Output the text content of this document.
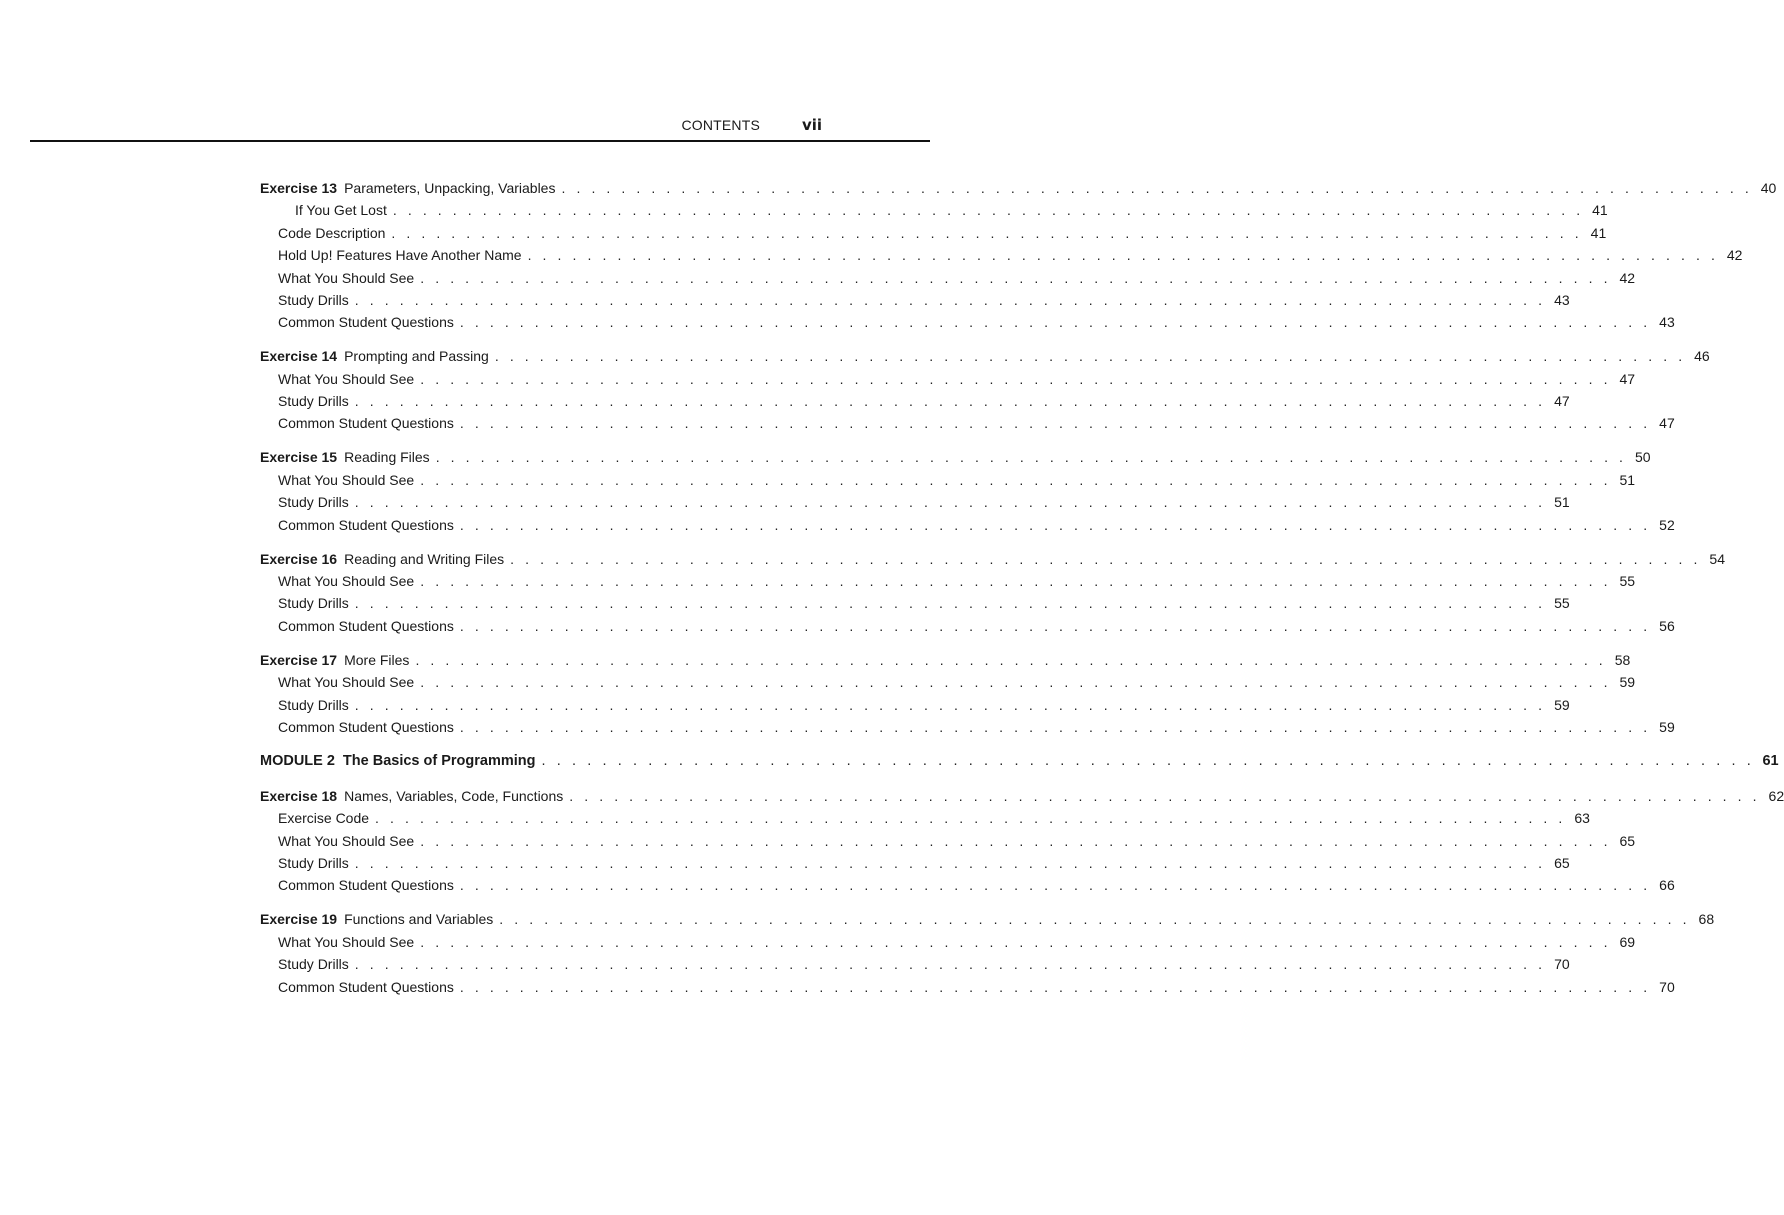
CONTENTS	vii
Exercise 13 Parameters, Unpacking, Variables . . . . . . . . . . . . . . . . . . . . . . . . . . . . . . . . . . . . . . . . . . . . . . . . . . . . . . . . . . . . . . . . . . . . . . . . . . . . . . . . 40
If You Get Lost . . . . . . . . . . . . . . . . . . . . . . . . . . . . . . . . . . . . . . . . . . . . . . . . . . . . . . . . . . . . . . . . . . . . . . . . . . . . . . . . 41
Code Description . . . . . . . . . . . . . . . . . . . . . . . . . . . . . . . . . . . . . . . . . . . . . . . . . . . . . . . . . . . . . . . . . . . . . . . . . . . . . . . . 41
Hold Up! Features Have Another Name . . . . . . . . . . . . . . . . . . . . . . . . . . . . . . . . . . . . . . . . . . . . . . . . . . . . . . . . . . . . . . . . . . . . . . . . . . . . . . . . 42
What You Should See . . . . . . . . . . . . . . . . . . . . . . . . . . . . . . . . . . . . . . . . . . . . . . . . . . . . . . . . . . . . . . . . . . . . . . . . . . . . . . . . 42
Study Drills . . . . . . . . . . . . . . . . . . . . . . . . . . . . . . . . . . . . . . . . . . . . . . . . . . . . . . . . . . . . . . . . . . . . . . . . . . . . . . . . 43
Common Student Questions . . . . . . . . . . . . . . . . . . . . . . . . . . . . . . . . . . . . . . . . . . . . . . . . . . . . . . . . . . . . . . . . . . . . . . . . . . . . . . . . 43
Exercise 14 Prompting and Passing . . . . . . . . . . . . . . . . . . . . . . . . . . . . . . . . . . . . . . . . . . . . . . . . . . . . . . . . . . . . . . . . . . . . . . . . . . . . . . . . 46
What You Should See . . . . . . . . . . . . . . . . . . . . . . . . . . . . . . . . . . . . . . . . . . . . . . . . . . . . . . . . . . . . . . . . . . . . . . . . . . . . . . . . 47
Study Drills . . . . . . . . . . . . . . . . . . . . . . . . . . . . . . . . . . . . . . . . . . . . . . . . . . . . . . . . . . . . . . . . . . . . . . . . . . . . . . . . 47
Common Student Questions . . . . . . . . . . . . . . . . . . . . . . . . . . . . . . . . . . . . . . . . . . . . . . . . . . . . . . . . . . . . . . . . . . . . . . . . . . . . . . . . 47
Exercise 15 Reading Files . . . . . . . . . . . . . . . . . . . . . . . . . . . . . . . . . . . . . . . . . . . . . . . . . . . . . . . . . . . . . . . . . . . . . . . . . . . . . . . . 50
What You Should See . . . . . . . . . . . . . . . . . . . . . . . . . . . . . . . . . . . . . . . . . . . . . . . . . . . . . . . . . . . . . . . . . . . . . . . . . . . . . . . . 51
Study Drills . . . . . . . . . . . . . . . . . . . . . . . . . . . . . . . . . . . . . . . . . . . . . . . . . . . . . . . . . . . . . . . . . . . . . . . . . . . . . . . . 51
Common Student Questions . . . . . . . . . . . . . . . . . . . . . . . . . . . . . . . . . . . . . . . . . . . . . . . . . . . . . . . . . . . . . . . . . . . . . . . . . . . . . . . . 52
Exercise 16 Reading and Writing Files . . . . . . . . . . . . . . . . . . . . . . . . . . . . . . . . . . . . . . . . . . . . . . . . . . . . . . . . . . . . . . . . . . . . . . . . . . . . . . . . 54
What You Should See . . . . . . . . . . . . . . . . . . . . . . . . . . . . . . . . . . . . . . . . . . . . . . . . . . . . . . . . . . . . . . . . . . . . . . . . . . . . . . . . 55
Study Drills . . . . . . . . . . . . . . . . . . . . . . . . . . . . . . . . . . . . . . . . . . . . . . . . . . . . . . . . . . . . . . . . . . . . . . . . . . . . . . . . 55
Common Student Questions . . . . . . . . . . . . . . . . . . . . . . . . . . . . . . . . . . . . . . . . . . . . . . . . . . . . . . . . . . . . . . . . . . . . . . . . . . . . . . . . 56
Exercise 17 More Files . . . . . . . . . . . . . . . . . . . . . . . . . . . . . . . . . . . . . . . . . . . . . . . . . . . . . . . . . . . . . . . . . . . . . . . . . . . . . . . . 58
What You Should See . . . . . . . . . . . . . . . . . . . . . . . . . . . . . . . . . . . . . . . . . . . . . . . . . . . . . . . . . . . . . . . . . . . . . . . . . . . . . . . . 59
Study Drills . . . . . . . . . . . . . . . . . . . . . . . . . . . . . . . . . . . . . . . . . . . . . . . . . . . . . . . . . . . . . . . . . . . . . . . . . . . . . . . . 59
Common Student Questions . . . . . . . . . . . . . . . . . . . . . . . . . . . . . . . . . . . . . . . . . . . . . . . . . . . . . . . . . . . . . . . . . . . . . . . . . . . . . . . . 59
MODULE 2 The Basics of Programming . . . . . . . . . . . . . . . . . . . . . . . . . . . . . . . . . . . . . . . . . . . . . . . . . . . . . . . . . . . . . . . . . . . . . . . . . . . . . . . . 61
Exercise 18 Names, Variables, Code, Functions . . . . . . . . . . . . . . . . . . . . . . . . . . . . . . . . . . . . . . . . . . . . . . . . . . . . . . . . . . . . . . . . . . . . . . . . . . . . . . . . 62
Exercise Code . . . . . . . . . . . . . . . . . . . . . . . . . . . . . . . . . . . . . . . . . . . . . . . . . . . . . . . . . . . . . . . . . . . . . . . . . . . . . . . . 63
What You Should See . . . . . . . . . . . . . . . . . . . . . . . . . . . . . . . . . . . . . . . . . . . . . . . . . . . . . . . . . . . . . . . . . . . . . . . . . . . . . . . . 65
Study Drills . . . . . . . . . . . . . . . . . . . . . . . . . . . . . . . . . . . . . . . . . . . . . . . . . . . . . . . . . . . . . . . . . . . . . . . . . . . . . . . . 65
Common Student Questions . . . . . . . . . . . . . . . . . . . . . . . . . . . . . . . . . . . . . . . . . . . . . . . . . . . . . . . . . . . . . . . . . . . . . . . . . . . . . . . . 66
Exercise 19 Functions and Variables . . . . . . . . . . . . . . . . . . . . . . . . . . . . . . . . . . . . . . . . . . . . . . . . . . . . . . . . . . . . . . . . . . . . . . . . . . . . . . . . 68
What You Should See . . . . . . . . . . . . . . . . . . . . . . . . . . . . . . . . . . . . . . . . . . . . . . . . . . . . . . . . . . . . . . . . . . . . . . . . . . . . . . . . 69
Study Drills . . . . . . . . . . . . . . . . . . . . . . . . . . . . . . . . . . . . . . . . . . . . . . . . . . . . . . . . . . . . . . . . . . . . . . . . . . . . . . . . 70
Common Student Questions . . . . . . . . . . . . . . . . . . . . . . . . . . . . . . . . . . . . . . . . . . . . . . . . . . . . . . . . . . . . . . . . . . . . . . . . . . . . . . . . 70
